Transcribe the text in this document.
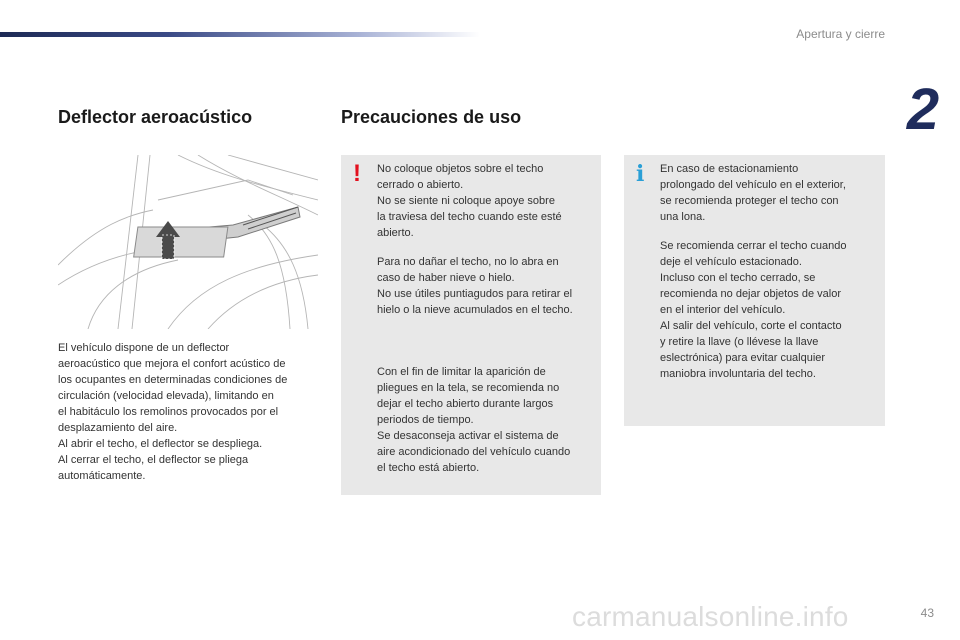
Apertura y cierre
2
Deflector aeroacústico	Precauciones de uso

El vehículo dispone de un deflector

aeroacústico que mejora el confort acústico de

los ocupantes en determinadas condiciones de

circulación (velocidad elevada), limitando en

el habitáculo los remolinos provocados por el

desplazamiento del aire.

Al abrir el techo, el deflector se despliega.

Al cerrar el techo, el deflector se pliega

automáticamente.

! No coloque objetos sobre el techo

cerrado o abierto.

No se siente ni coloque apoye sobre

la traviesa del techo cuando este esté

abierto.

Para no dañar el techo, no lo abra en

caso de haber nieve o hielo.

No use útiles puntiagudos para retirar el

hielo o la nieve acumulados en el techo.

Con el fin de limitar la aparición de

pliegues en la tela, se recomienda no

dejar el techo abierto durante largos

periodos de tiempo.

Se desaconseja activar el sistema de

aire acondicionado del vehículo cuando

el techo está abierto.

i En caso de estacionamiento

prolongado del vehículo en el exterior,

se recomienda proteger el techo con

una lona.

Se recomienda cerrar el techo cuando

deje el vehículo estacionado.

Incluso con el techo cerrado, se

recomienda no dejar objetos de valor

en el interior del vehículo.

Al salir del vehículo, corte el contacto

y retire la llave (o llévese la llave

eslectrónica) para evitar cualquier

maniobra involuntaria del techo.

carmanualsonline.info	43
